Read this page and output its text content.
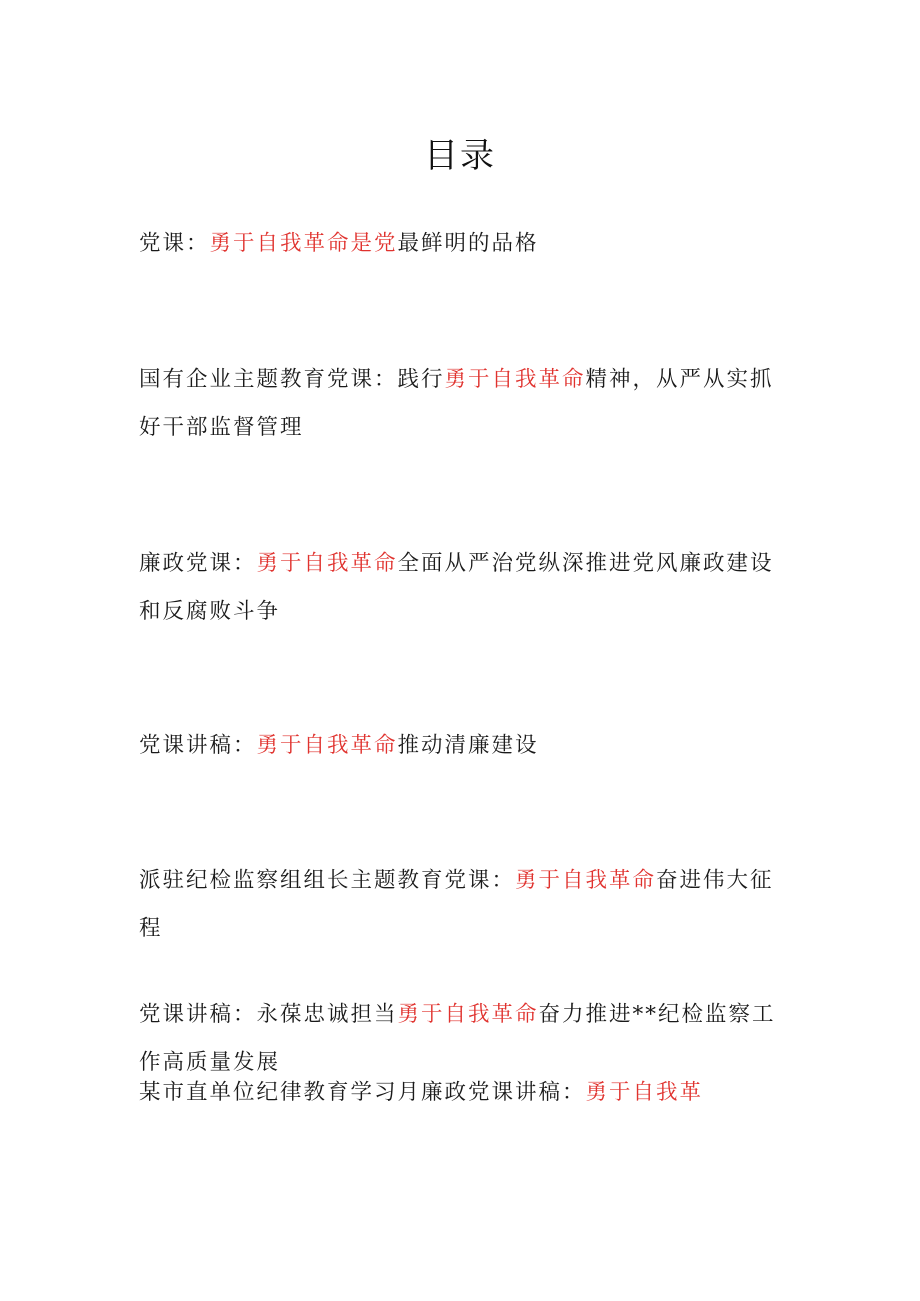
目录
党课：勇于自我革命是党最鲜明的品格
国有企业主题教育党课：践行勇于自我革命精神，从严从实抓好干部监督管理
廉政党课：勇于自我革命全面从严治党纵深推进党风廉政建设和反腐败斗争
党课讲稿：勇于自我革命推动清廉建设
派驻纪检监察组组长主题教育党课：勇于自我革命奋进伟大征程
党课讲稿：永葆忠诚担当勇于自我革命奋力推进**纪检监察工作高质量发展
某市直单位纪律教育学习月廉政党课讲稿：勇于自我革
